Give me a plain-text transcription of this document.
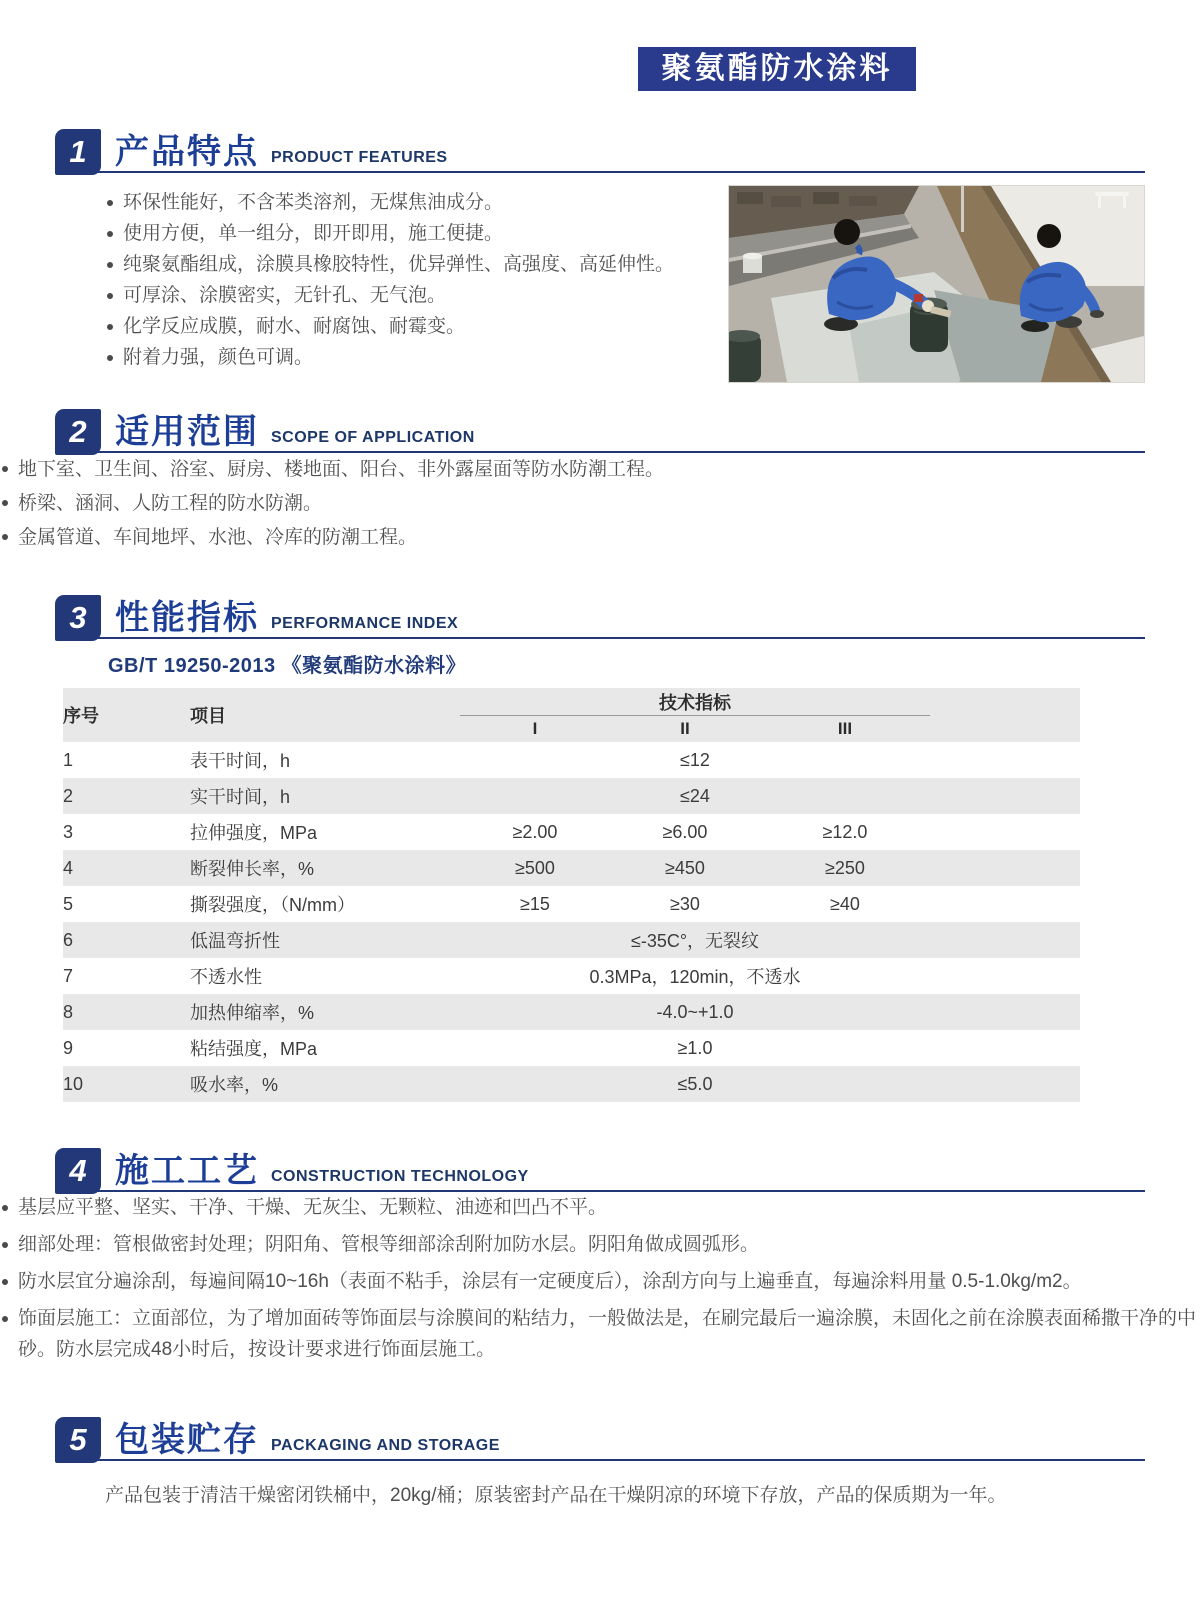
聚氨酯防水涂料
1 产品特点 PRODUCT FEATURES
环保性能好，不含苯类溶剂，无煤焦油成分。
使用方便，单一组分，即开即用，施工便捷。
纯聚氨酯组成，涂膜具橡胶特性，优异弹性、高强度、高延伸性。
可厚涂、涂膜密实，无针孔、无气泡。
化学反应成膜，耐水、耐腐蚀、耐霉变。
附着力强，颜色可调。
2 适用范围 SCOPE OF APPLICATION
地下室、卫生间、浴室、厨房、楼地面、阳台、非外露屋面等防水防潮工程。
桥梁、涵洞、人防工程的防水防潮。
金属管道、车间地坪、水池、冷库的防潮工程。
3 性能指标 PERFORMANCE INDEX
GB/T 19250-2013 《聚氨酯防水涂料》
序号	项目	技术指标			
		I	II	III	
1	表干时间，h	≤12			
2	实干时间，h	≤24			
3	拉伸强度，MPa	≥2.00	≥6.00	≥12.0	
4	断裂伸长率，%	≥500	≥450	≥250	
5	撕裂强度，（N/mm）	≥15	≥30	≥40	
6	低温弯折性	≤-35C°，无裂纹			
7	不透水性	0.3MPa，120min，不透水			
8	加热伸缩率，%	-4.0~+1.0			
9	粘结强度，MPa	≥1.0			
10	吸水率，%	≤5.0			
4 施工工艺 CONSTRUCTION TECHNOLOGY
基层应平整、坚实、干净、干燥、无灰尘、无颗粒、油迹和凹凸不平。
细部处理：管根做密封处理；阴阳角、管根等细部涂刮附加防水层。阴阳角做成圆弧形。
防水层宜分遍涂刮，每遍间隔10~16h（表面不粘手，涂层有一定硬度后），涂刮方向与上遍垂直，每遍涂料用量 0.5-1.0kg/m2。
饰面层施工：立面部位，为了增加面砖等饰面层与涂膜间的粘结力，一般做法是，在刷完最后一遍涂膜，未固化之前在涂膜表面稀撒干净的中砂。防水层完成48小时后，按设计要求进行饰面层施工。
5 包装贮存 PACKAGING AND STORAGE
产品包装于清洁干燥密闭铁桶中，20kg/桶；原装密封产品在干燥阴凉的环境下存放，产品的保质期为一年。
